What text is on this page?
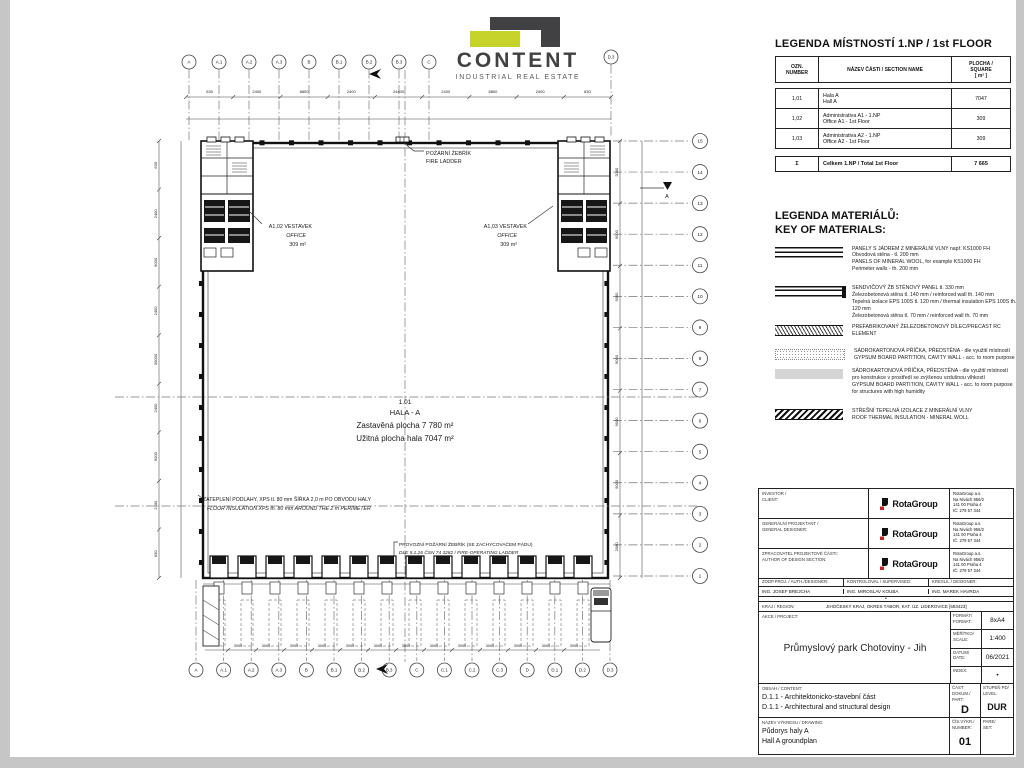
CONTENT
INDUSTRIAL REAL ESTATE
A	A.1	A.2	A.3	B	B.1	B.2	B.3	C
D.3
A	A.1	A.2	A.3	B	B.1	B.2	B.3	C	C.1	C.2	C.3	D	D.1	D.2	D.3
15
14
13
12
11
10
9
8
7
6
5
4
3
2
1
630	2400	8800	2400	24400	2400	8800	2400	630
630
2400
9000
2400
30000
2400
9000
2400
630
2080
9000
9000
9000
9000
9000
2080
POŽÁRNÍ ŽEBŘÍK
FIRE LADDER
A1,02 VESTAVEK
OFFICE
309 m²
A1,03 VESTAVEK
OFFICE
309 m²
1.01
HALA - A
Zastavěná plocha 7 780 m²
Užitná plocha hala 7047 m²
ZATEPLENÍ PODLAHY, XPS tl. 80 mm ŠÍŘKA 2,0 m PO OBVODU HALY
FLOOR INSULATION XPS th. 80 mm AROUND THE 2 m PERIMETER
PROVOZNÍ POŽÁRNÍ ŽEBŘÍK (SE ZACHYCOVAČEM PÁDU)
DLE 5.1.26 ČSN 74 3282 / FIRE-OPERATING LADDER
A
3000	3000	3000	3000	3000	3000	3000	3000	3000	3000	3000	3000	3000
LEGENDA MÍSTNOSTÍ 1.NP / 1st FLOOR
OZN.
NUMBER	NÁZEV ČÁSTI / SECTION NAME
PLOCHA /
SQUARE
[ m² ]
1,01	Hala A
Hall A	7047
1,02	Administrativa A1 - 1.NP
Office A1 - 1st Floor	309
1,03	Administrativa A2 - 1.NP
Office A2 - 1st Floor	309
Σ	Celkem 1.NP / Total 1st Floor	7 665
LEGENDA MATERIÁLŮ:
KEY OF MATERIALS:
PANELY S JÁDREM Z MINERÁLNÍ VLNY např. KS1000 FH
Obvodová stěna - tl. 200 mm
PANELS OF MINERAL WOOL, for example KS1000 FH
Perimeter walls - th. 200 mm
SENDVIČOVÝ ŽB STĚNOVÝ PANEL tl. 330 mm
Železobetonová stěna tl. 140 mm / reinforced wall th. 140 mm
Tepelná izolace EPS 100S tl. 120 mm / thermal insulation EPS 100S th. 120 mm
Železobetonová stěna tl. 70 mm / reinforced wall th. 70 mm
PREFABRIKOVANÝ ŽELEZOBETONOVÝ DÍLEC/PRECAST RC ELEMENT
SÁDROKARTONOVÁ PŘÍČKA, PŘEDSTĚNA - dle využití místností
GYPSUM BOARD PARTITION, CAVITY WALL - acc. to room purpose
SÁDROKARTONOVÁ PŘÍČKA, PŘEDSTĚNA - dle využití místností
pro konstrukce v prostředí se zvýšenou vzdušnou vlhkostí
GYPSUM BOARD PARTITION, CAVITY WALL - acc. to room purpose
for structures with high humidity
STŘEŠNÍ TEPELNÁ IZOLACE Z MINERÁLNÍ VLNY
ROOF THERMAL INSULATION - MINERAL WOLL
INVESTOR /
CLIENT:	RotaGroup
RotaGroup a.s.
Na Nivách 956/2
141 00 Praha 4
IČ: 279 57 344
GENERÁLNÍ PROJEKTANT /
GENERAL DESIGNER:	RotaGroup
RotaGroup a.s.
Na Nivách 956/2
141 00 Praha 4
IČ: 279 57 344
ZPRACOVATEL PROJEKTOVÉ ČÁSTI:
AUTHOR OF DESIGN SECTION:	RotaGroup
RotaGroup a.s.
Na Nivách 956/2
141 00 Praha 4
IČ: 279 57 344
ZODP.PROJ. / AUTH./DESIGNER:	KONTROLOVAL / SUPERVISED:	KRESLIL / DESIGNER:
ING. JOSEF BREJCHA	ING. MIROSLAV KOUBA	ING. MAREK HAVRDA
•
KRAJ / REGION:	JIHOČESKÝ KRAJ, OKRES TÁBOR, KAT. ÚZ. LIDEROVICE [683423]
AKCE / PROJECT:
Průmyslový park Chotoviny - Jih
FORMÁT/
FORMAT:	8xA4
MĚŘÍTKO/
SCALE:	1:400
DATUM/
DATE:	06/2021
INDEX:

•
OBSAH / CONTENT:
D.1.1 - Architektonicko-stavební část
D.1.1 - Architectural and structural design
ČÁST DOKUM./
PART:
D
STUPEŇ PD/
LEVEL:
DUR
NÁZEV VÝKRESU / DRAWING:
Půdorys haly A
Hall A groundplan
ČÍS.VÝKR./
NUMBER:
01
PARE/
SET:
